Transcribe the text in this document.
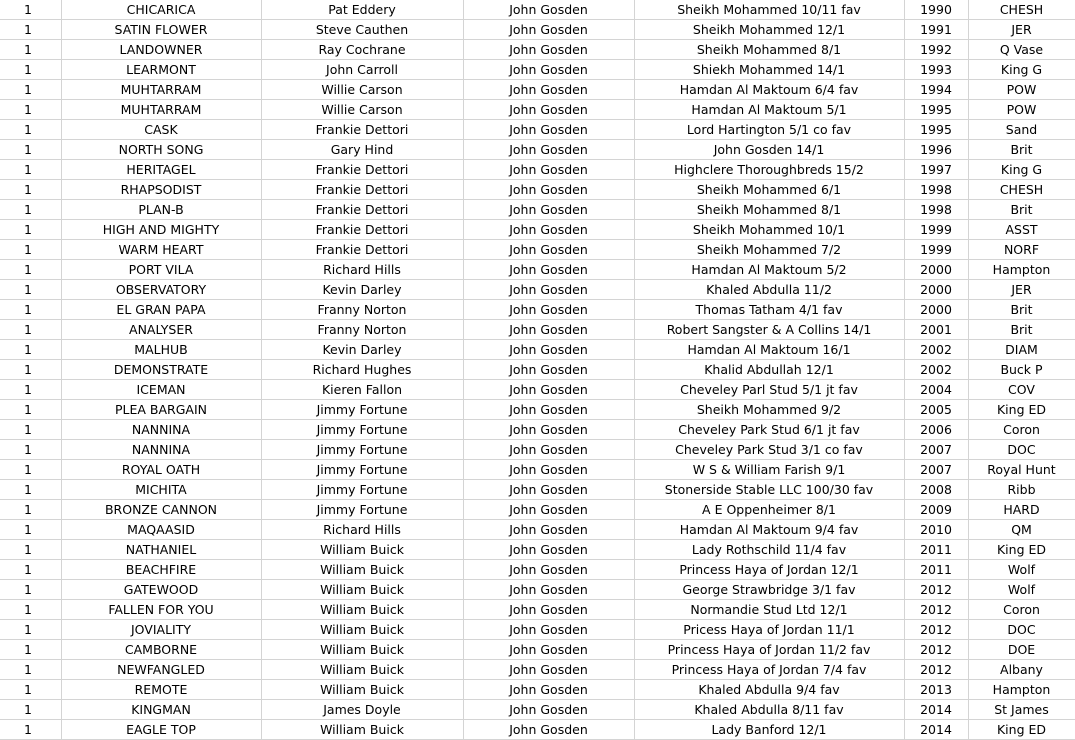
1	CHICARICA	Pat Eddery	John Gosden	Sheikh Mohammed 10/11 fav	1990	CHESH
1	SATIN FLOWER	Steve Cauthen	John Gosden	Sheikh Mohammed 12/1	1991	JER
1	LANDOWNER	Ray Cochrane	John Gosden	Sheikh Mohammed 8/1	1992	Q Vase
1	LEARMONT	John Carroll	John Gosden	Shiekh Mohammed 14/1	1993	King G
1	MUHTARRAM	Willie Carson	John Gosden	Hamdan Al Maktoum 6/4 fav	1994	POW
1	MUHTARRAM	Willie Carson	John Gosden	Hamdan Al Maktoum 5/1	1995	POW
1	CASK	Frankie Dettori	John Gosden	Lord Hartington 5/1 co fav	1995	Sand
1	NORTH SONG	Gary Hind	John Gosden	John Gosden 14/1	1996	Brit
1	HERITAGEL	Frankie Dettori	John Gosden	Highclere Thoroughbreds 15/2	1997	King G
1	RHAPSODIST	Frankie Dettori	John Gosden	Sheikh Mohammed 6/1	1998	CHESH
1	PLAN-B	Frankie Dettori	John Gosden	Sheikh Mohammed 8/1	1998	Brit
1	HIGH AND MIGHTY	Frankie Dettori	John Gosden	Sheikh Mohammed 10/1	1999	ASST
1	WARM HEART	Frankie Dettori	John Gosden	Sheikh Mohammed 7/2	1999	NORF
1	PORT VILA	Richard Hills	John Gosden	Hamdan Al Maktoum 5/2	2000	Hampton
1	OBSERVATORY	Kevin Darley	John Gosden	Khaled Abdulla 11/2	2000	JER
1	EL GRAN PAPA	Franny Norton	John Gosden	Thomas Tatham 4/1 fav	2000	Brit
1	ANALYSER	Franny Norton	John Gosden	Robert Sangster & A Collins 14/1	2001	Brit
1	MALHUB	Kevin Darley	John Gosden	Hamdan Al Maktoum 16/1	2002	DIAM
1	DEMONSTRATE	Richard Hughes	John Gosden	Khalid Abdullah 12/1	2002	Buck P
1	ICEMAN	Kieren Fallon	John Gosden	Cheveley Parl Stud 5/1 jt fav	2004	COV
1	PLEA BARGAIN	Jimmy Fortune	John Gosden	Sheikh Mohammed 9/2	2005	King ED
1	NANNINA	Jimmy Fortune	John Gosden	Cheveley Park Stud 6/1 jt fav	2006	Coron
1	NANNINA	Jimmy Fortune	John Gosden	Cheveley Park Stud 3/1 co fav	2007	DOC
1	ROYAL OATH	Jimmy Fortune	John Gosden	W S & William Farish 9/1	2007	Royal Hunt
1	MICHITA	Jimmy Fortune	John Gosden	Stonerside Stable LLC 100/30 fav	2008	Ribb
1	BRONZE CANNON	Jimmy Fortune	John Gosden	A E Oppenheimer 8/1	2009	HARD
1	MAQAASID	Richard Hills	John Gosden	Hamdan Al Maktoum 9/4 fav	2010	QM
1	NATHANIEL	William Buick	John Gosden	Lady Rothschild 11/4 fav	2011	King ED
1	BEACHFIRE	William Buick	John Gosden	Princess Haya of Jordan 12/1	2011	Wolf
1	GATEWOOD	William Buick	John Gosden	George Strawbridge 3/1 fav	2012	Wolf
1	FALLEN FOR YOU	William Buick	John Gosden	Normandie Stud Ltd 12/1	2012	Coron
1	JOVIALITY	William Buick	John Gosden	Pricess Haya of Jordan 11/1	2012	DOC
1	CAMBORNE	William Buick	John Gosden	Princess Haya of Jordan 11/2 fav	2012	DOE
1	NEWFANGLED	William Buick	John Gosden	Princess Haya of Jordan 7/4 fav	2012	Albany
1	REMOTE	William Buick	John Gosden	Khaled Abdulla 9/4 fav	2013	Hampton
1	KINGMAN	James Doyle	John Gosden	Khaled Abdulla 8/11 fav	2014	St James
1	EAGLE TOP	William Buick	John Gosden	Lady Banford 12/1	2014	King ED
